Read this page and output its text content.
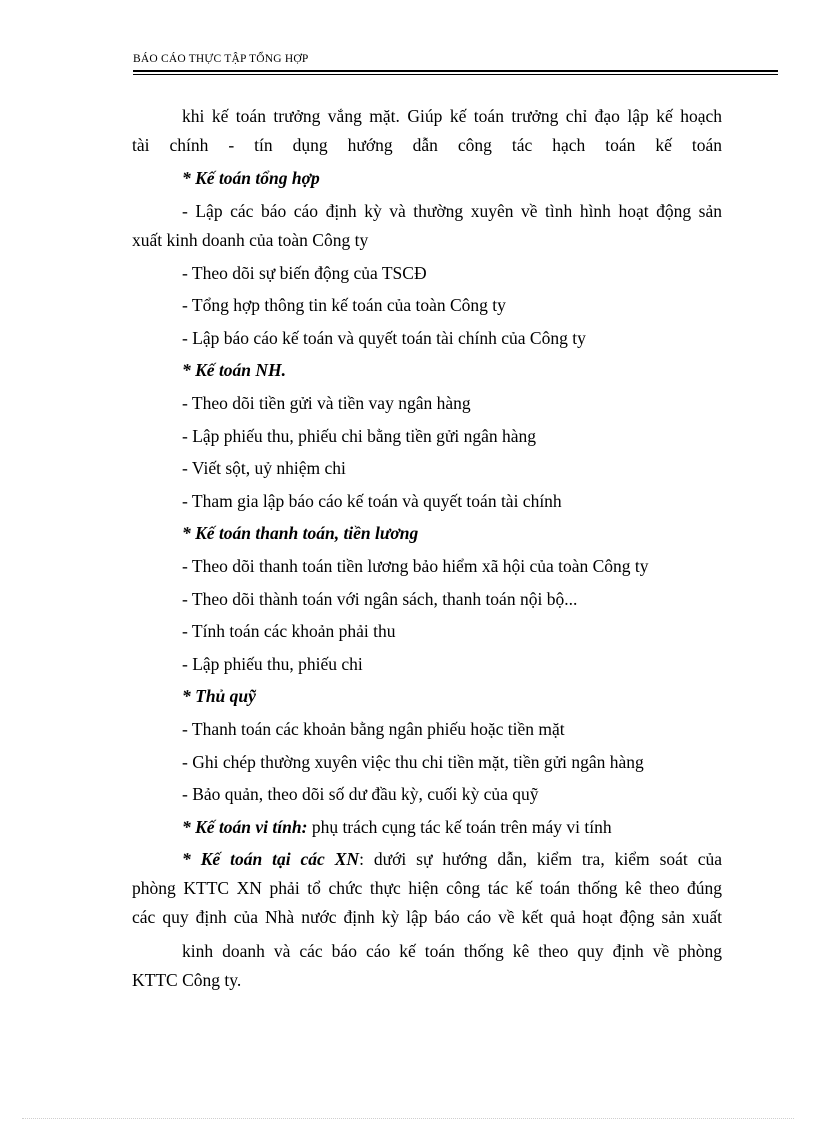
BÁO CÁO THỰC TẬP TỔNG HỢP
khi kế toán trưởng vắng mặt. Giúp kế toán trưởng chỉ đạo lập kế hoạch
tài chính - tín dụng hướng dẫn công tác hạch toán kế toán
* Kế toán tổng hợp
- Lập các báo cáo định kỳ và thường xuyên về tình hình hoạt động sản
xuất kinh doanh của toàn Công ty
- Theo dõi sự biến động của TSCĐ
- Tổng hợp thông tin kế toán của toàn Công ty
- Lập báo cáo kế toán và quyết toán tài chính của Công ty
* Kế toán NH.
- Theo dõi tiền gửi và tiền vay ngân hàng
- Lập phiếu thu, phiếu chi bằng tiền gửi ngân hàng
- Viết sột, uỷ nhiệm chi
- Tham gia lập báo cáo kế toán và quyết toán tài chính
* Kế toán thanh toán, tiền lương
- Theo dõi thanh toán tiền lương bảo hiểm xã hội của toàn Công ty
- Theo dõi thành toán với ngân sách, thanh toán nội bộ...
- Tính toán các khoản phải thu
- Lập phiếu thu, phiếu chi
* Thủ quỹ
- Thanh toán các khoản bằng ngân phiếu hoặc tiền mặt
- Ghi chép thường xuyên việc thu chi tiền mặt, tiền gửi ngân hàng
- Bảo quản, theo dõi số dư đầu kỳ, cuối kỳ của quỹ
* Kế toán vi tính: phụ trách cụng tác kế toán trên máy vi tính
* Kế toán tại các XN: dưới sự hướng dẫn, kiểm tra, kiểm soát của
phòng KTTC XN phải tổ chức thực hiện công tác kế toán thống kê theo đúng
các quy định của Nhà nước định kỳ lập báo cáo về kết quả hoạt động sản xuất
kinh doanh và các báo cáo kế toán thống kê theo quy định về phòng
KTTC Công ty.
